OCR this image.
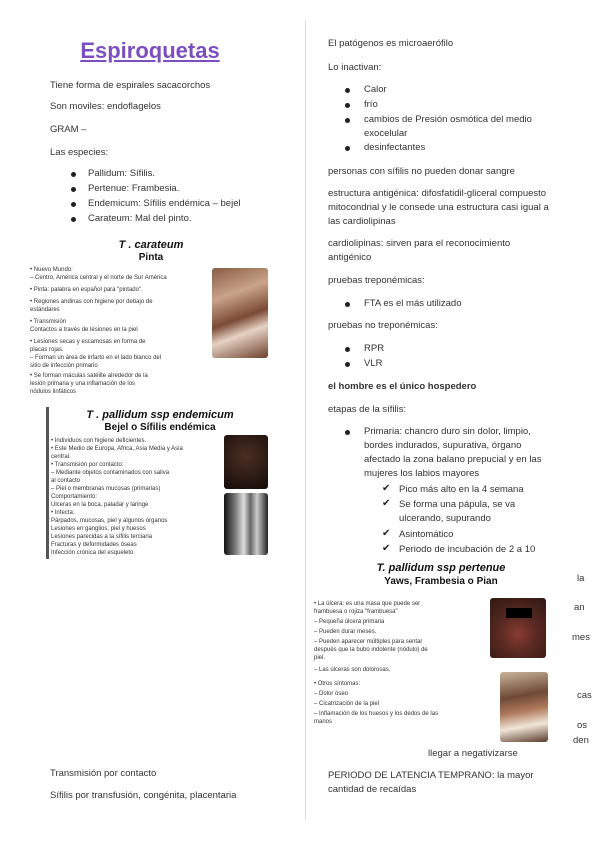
Espiroquetas
Tiene forma de espirales sacacorchos
Son moviles: endoflagelos
GRAM –
Las especies:
Pallidum: Sífilis.
Pertenue: Frambesia.
Endemicum: Sífilis endémica – bejel
Carateum: Mal del pinto.
T . carateum
Pinta
• Nuevo Mundo:
– Centro, América central y el norte de Sur América
• Pinta: palabra en español para "pintado".
• Regiones andinas con higiene por debajo de
estándares
• Transmisión
Contactos a través de lesiones en la piel
• Lesiones secas y escamosas en forma de
placas rojas.
– Forman un área de infarto en el lado blanco del
sitio de infección primario
• Se forman máculas satélite alrededor de la
lesión primaria y una inflamación de los
nódulos linfáticos
T . pallidum ssp endemicum
Bejel o Sífilis endémica
• Individuos con higiene deficientes.
• Este Medio de Europa, Africa, Asia Media y Asia
central.
• Transmisión por contacto:
– Mediante objetos contaminados con saliva
al contacto
– Piel o membranas mucosas (primarias)
Comportamiento:
Ulceras en la boca, paladar y laringe
• Infecta:
Párpados, mucosas, piel y algunos órganos
Lesiones en ganglios, piel y huesos
Lesiones parecidas a la sífilis terciaria
Fracturas y deformidades óseas
Infección crónica del esqueleto
Transmisión por contacto
Sífilis por transfusión, congénita, placentaria
El patógenos es microaerófilo
Lo inactivan:
Calor
frío
cambios de Presión osmótica del medio
exocelular
desinfectantes
personas con sífilis no pueden donar sangre
estructura antigénica: difosfatidil-gliceral compuesto
mitocondrial y le consede una estructura casi igual a
las cardiolipinas
cardiolipinas: sirven para el reconocimiento
antigénico
pruebas treponémicas:
FTA es el más utilizado
pruebas no treponémicas:
RPR
VLR
el hombre es el único hospedero
etapas de la sífilis:
Primaria: chancro duro sin dolor, limpio,
bordes indurados, supurativa, órgano
afectado la zona balano prepucial y en las
mujeres los labios mayores
✔ Pico más alto en la 4 semana
✔ Se forma una pápula, se va
ulcerando, supurando
✔ Asintomático
✔ Periodo de incubación de 2 a 10
la
an
mes
cas
os
den
T. pallidum ssp pertenue
Yaws, Frambesia o Pian
• La úlcera: es una masa que puede ser
frambuesa o rojiza "frambuesa"
– Pequeña úlcera primaria
– Pueden durar meses.
– Pueden aparecer múltiples para sentar
después que la bubo indolente (nódulo) de
piel.
– Las úlceras son dolorosas.
• Otros síntomas:
– Dolor óseo
– Cicatrización de la piel
– Inflamación de los huesos y los dedos de las
manos
llegar a negativizarse
PERIODO DE LATENCIA TEMPRANO: la mayor
cantidad de recaídas
